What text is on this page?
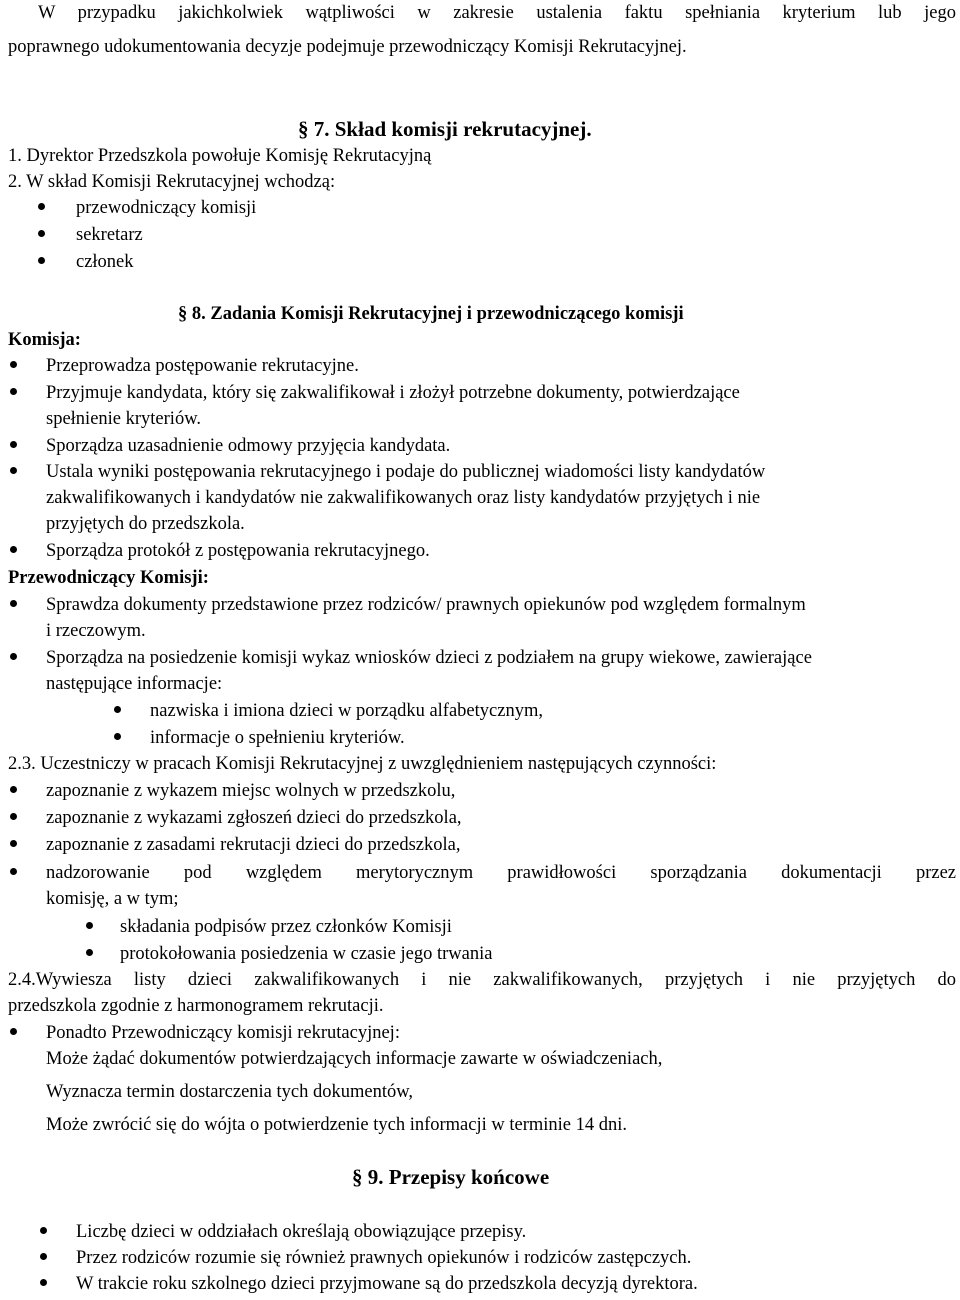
W przypadku jakichkolwiek wątpliwości w zakresie ustalenia faktu spełniania kryterium lub jego
poprawnego udokumentowania decyzje podejmuje przewodniczący Komisji Rekrutacyjnej.
§ 7. Skład komisji rekrutacyjnej.
1. Dyrektor Przedszkola powołuje Komisję Rekrutacyjną
2. W skład Komisji Rekrutacyjnej wchodzą:
przewodniczący komisji
sekretarz
członek
§ 8. Zadania Komisji Rekrutacyjnej i przewodniczącego komisji
Komisja:
Przeprowadza postępowanie rekrutacyjne.
Przyjmuje kandydata, który się zakwalifikował i złożył potrzebne dokumenty, potwierdzające
spełnienie kryteriów.
Sporządza uzasadnienie odmowy przyjęcia kandydata.
Ustala wyniki postępowania rekrutacyjnego i podaje do publicznej wiadomości listy kandydatów
zakwalifikowanych i kandydatów nie zakwalifikowanych oraz listy kandydatów przyjętych i nie
przyjętych do przedszkola.
Sporządza protokół z postępowania rekrutacyjnego.
Przewodniczący Komisji:
Sprawdza dokumenty przedstawione przez rodziców/ prawnych opiekunów pod względem formalnym
i rzeczowym.
Sporządza na posiedzenie komisji wykaz wniosków dzieci z podziałem na grupy wiekowe, zawierające
następujące informacje:
nazwiska i imiona dzieci w porządku alfabetycznym,
informacje o spełnieniu kryteriów.
2.3. Uczestniczy w pracach Komisji Rekrutacyjnej z uwzględnieniem następujących czynności:
zapoznanie z wykazem miejsc wolnych w przedszkolu,
zapoznanie z wykazami zgłoszeń dzieci do przedszkola,
zapoznanie z zasadami rekrutacji dzieci do przedszkola,
nadzorowanie pod względem merytorycznym prawidłowości sporządzania dokumentacji przez
komisję, a w tym;
składania podpisów przez członków Komisji
protokołowania posiedzenia w czasie jego trwania
2.4.Wywiesza listy dzieci zakwalifikowanych i nie zakwalifikowanych, przyjętych i nie przyjętych do
przedszkola zgodnie z harmonogramem rekrutacji.
Ponadto Przewodniczący komisji rekrutacyjnej:
Może żądać dokumentów potwierdzających informacje zawarte w oświadczeniach,
Wyznacza termin dostarczenia tych dokumentów,
Może zwrócić się do wójta o potwierdzenie tych informacji w terminie 14 dni.
§ 9. Przepisy końcowe
Liczbę dzieci w oddziałach określają obowiązujące przepisy.
Przez rodziców rozumie się również prawnych opiekunów i rodziców zastępczych.
W trakcie roku szkolnego dzieci przyjmowane są do przedszkola decyzją dyrektora.
